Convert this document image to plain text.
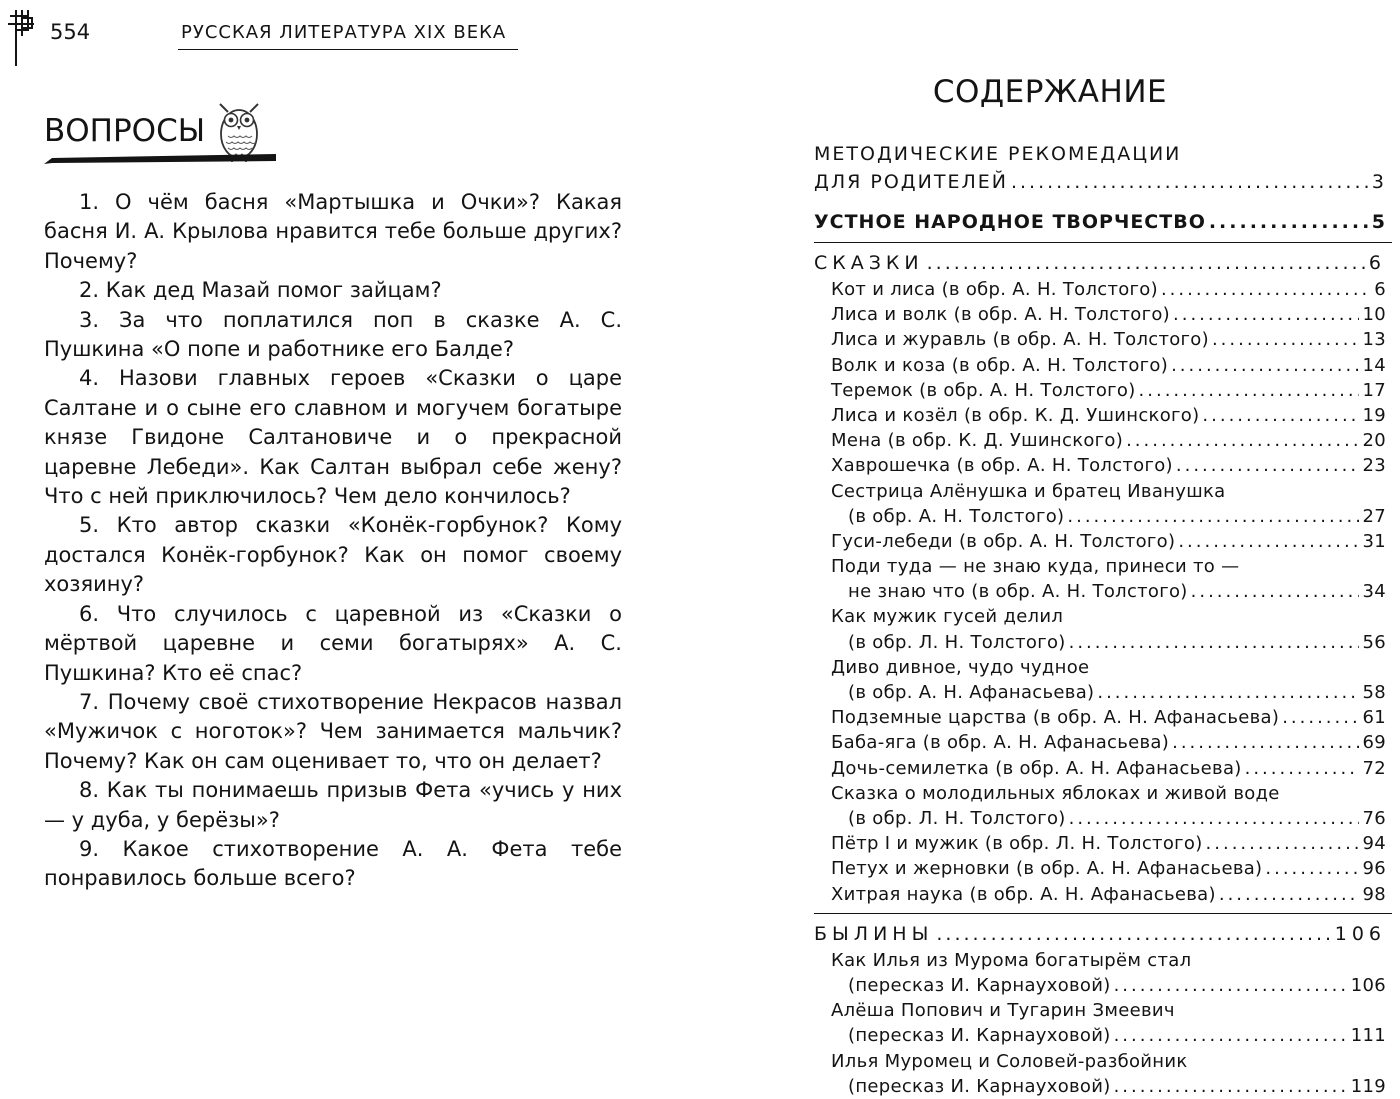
554	РУССКАЯ ЛИТЕРАТУРА XIX ВЕКА
ВОПРОСЫ

1. О чём басня «Мартышка и Очки»? Какая басня И. А. Крылова нравится тебе больше других? Почему?

2. Как дед Мазай помог зайцам?

3. За что поплатился поп в сказке А. С. Пушкина «О попе и работнике его Балде?

4. Назови главных героев «Сказки о царе Салтане и о сыне его славном и могучем богатыре князе Гвидоне Салтановиче и о прекрасной царевне Лебеди». Как Салтан выбрал себе жену? Что с ней приключилось? Чем дело кончилось?

5. Кто автор сказки «Конёк-горбунок? Кому достался Конёк-горбунок? Как он помог своему хозяину?

6. Что случилось с царевной из «Сказки о мёртвой царевне и семи богатырях» А. С. Пушкина? Кто её спас?

7. Почему своё стихотворение Некрасов назвал «Мужичок с ноготок»? Чем занимается мальчик? Почему? Как он сам оценивает то, что он делает?

8. Как ты понимаешь призыв Фета «учись у них — у дуба, у берёзы»?

9. Какое стихотворение А. А. Фета тебе понравилось больше всего?

СОДЕРЖАНИЕ
МЕТОДИЧЕСКИЕ РЕКОМЕДАЦИИ
ДЛЯ РОДИТЕЛЕЙ .....	3
УСТНОЕ НАРОДНОЕ ТВОРЧЕСТВО .....	5
СКАЗКИ .....	6
Кот и лиса (в обр. А. Н. Толстого) .....	6
Лиса и волк (в обр. А. Н. Толстого) .....	10
Лиса и журавль (в обр. А. Н. Толстого) .....	13
Волк и коза (в обр. А. Н. Толстого) .....	14
Теремок (в обр. А. Н. Толстого) .....	17
Лиса и козёл (в обр. К. Д. Ушинского) .....	19
Мена (в обр. К. Д. Ушинского) .....	20
Хаврошечка (в обр. А. Н. Толстого) .....	23
Сестрица Алёнушка и братец Иванушка
(в обр. А. Н. Толстого) .....	27
Гуси-лебеди (в обр. А. Н. Толстого) .....	31
Поди туда — не знаю куда, принеси то —
не знаю что (в обр. А. Н. Толстого) .....	34
Как мужик гусей делил
(в обр. Л. Н. Толстого) .....	56
Диво дивное, чудо чудное
(в обр. А. Н. Афанасьева) .....	58
Подземные царства (в обр. А. Н. Афанасьева) .....	61
Баба-яга (в обр. А. Н. Афанасьева) .....	69
Дочь-семилетка (в обр. А. Н. Афанасьева) .....	72
Сказка о молодильных яблоках и живой воде
(в обр. Л. Н. Толстого) .....	76
Пётр I и мужик (в обр. Л. Н. Толстого) .....	94
Петух и жерновки (в обр. А. Н. Афанасьева) .....	96
Хитрая наука (в обр. А. Н. Афанасьева) .....	98
БЫЛИНЫ .....	106
Как Илья из Мурома богатырём стал
(пересказ И. Карнауховой) .....	106
Алёша Попович и Тугарин Змеевич
(пересказ И. Карнауховой) .....	111
Илья Муромец и Соловей-разбойник
(пересказ И. Карнауховой) .....	119
